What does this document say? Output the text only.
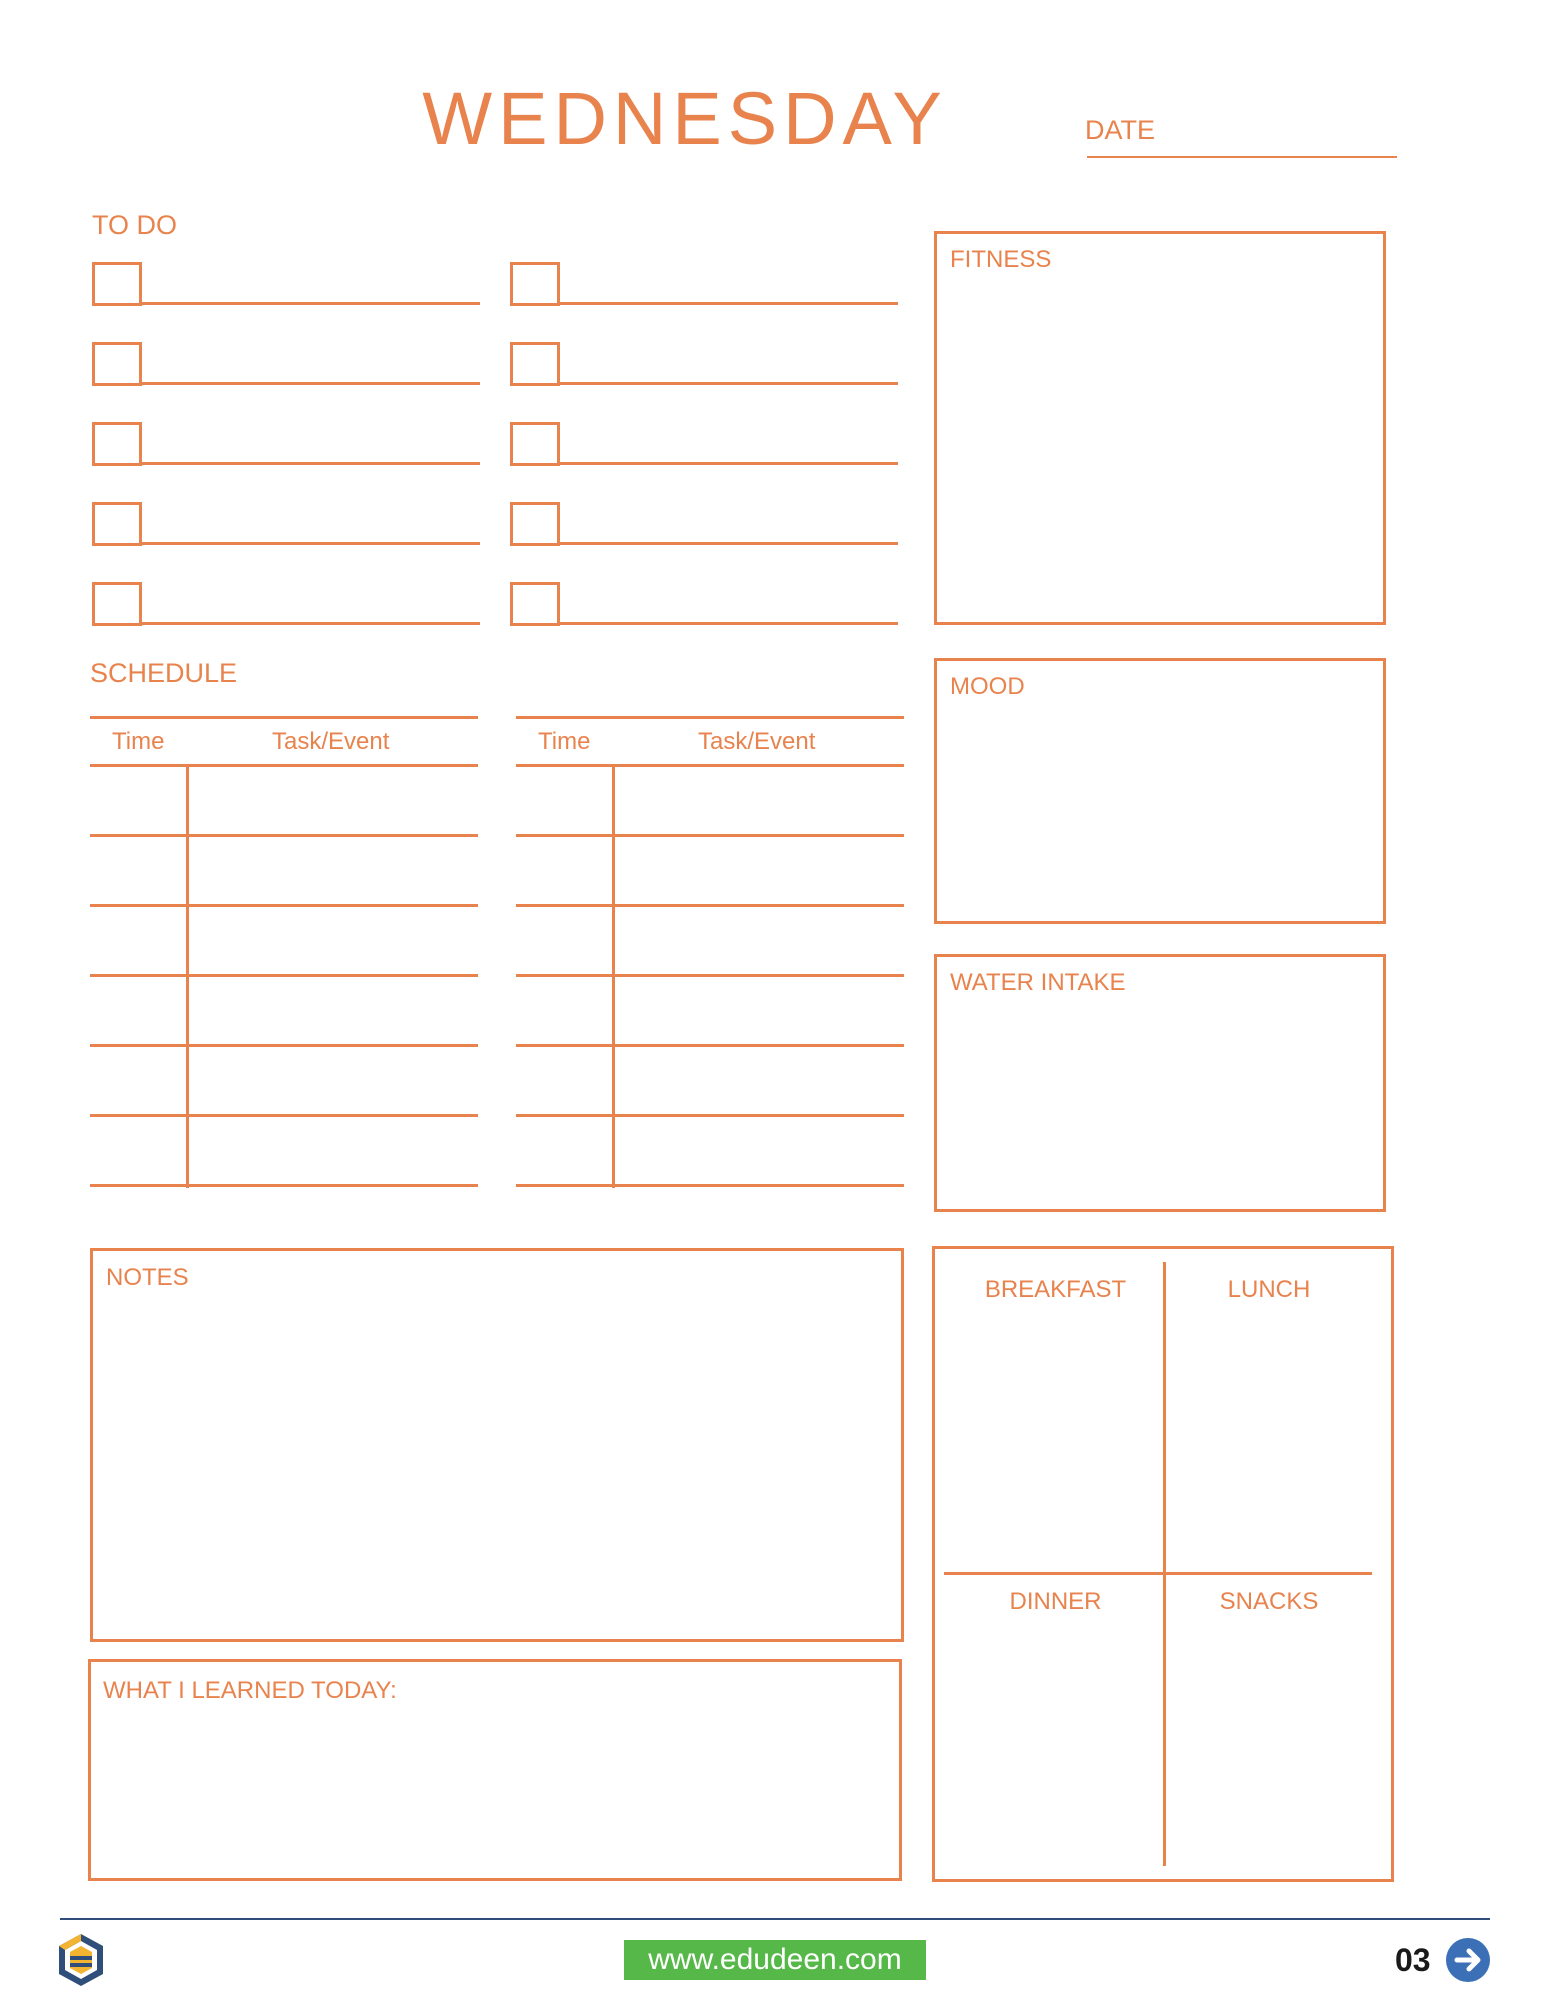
WEDNESDAY	DATE
TO DO
SCHEDULE
Time	Task/Event	Time	Task/Event
FITNESS
MOOD
WATER INTAKE
NOTES
WHAT I LEARNED TODAY:
BREAKFAST	LUNCH
DINNER	SNACKS
www.edudeen.com	03
